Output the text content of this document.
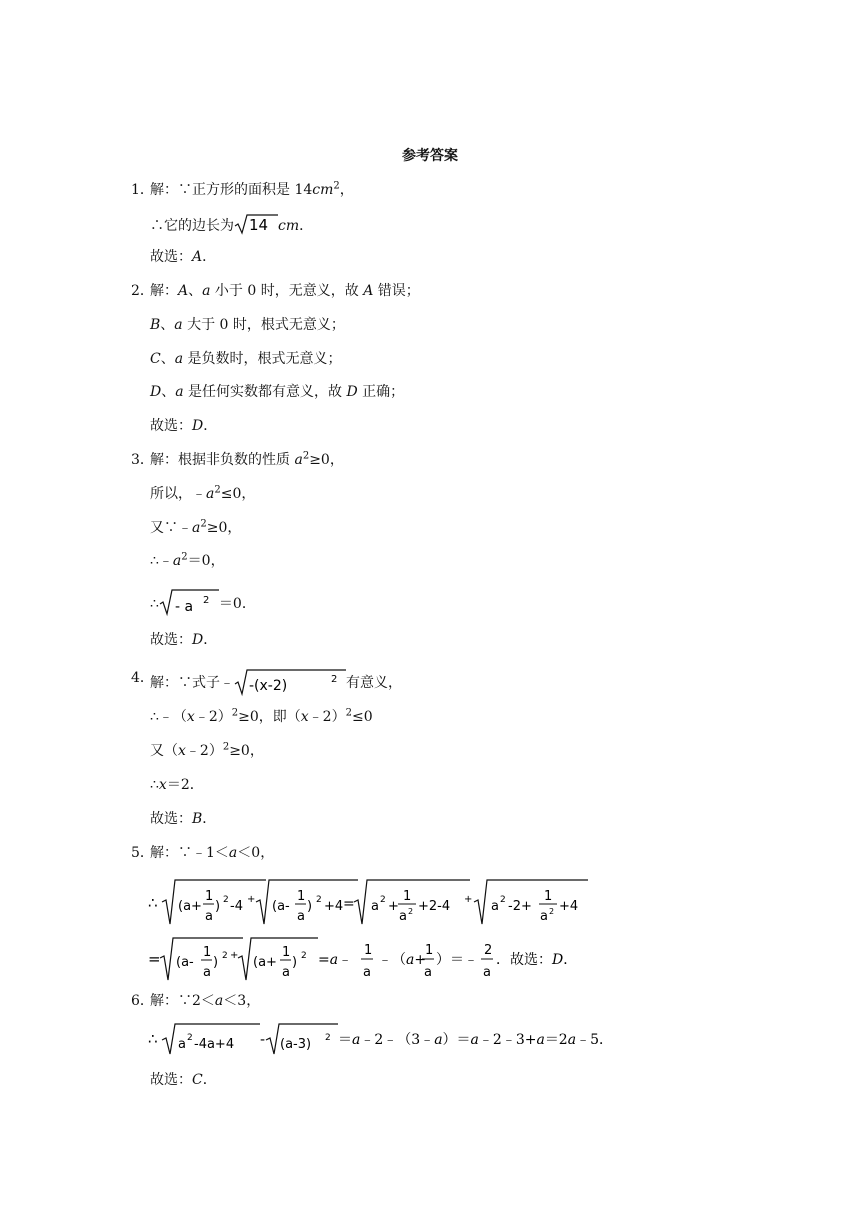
参考答案
1．
解：∵正方形的面积是 $14cm^2$，
∴它的边长为 14 cm．
故选：A．
2．
解：A、a 小于 0 时，无意义，故 A 错误；
B、a 大于 0 时，根式无意义；
C、a 是负数时，根式无意义；
D、a 是任何实数都有意义，故 D 正确；
故选：D．
3．
解：根据非负数的性质 $a^2\ge 0$，
所以，$﹣a^2\le 0$，
又$\because﹣a^2\ge 0$，
$\therefore﹣a^2=0$，
∴ - a 2 ＝0．
故选：D．
4．
解：∵式子﹣ -(x-2)	2 有意义，
∴﹣（x﹣2）$^2$≥0，即（x﹣2）$^2$≤0
又（x﹣2）$^2$≥0，
∴x＝2．
故选：B．
5．
解：∵﹣1＜a＜0，
∴ (a+
1
a
) 2 -4 + (a-
1
a
) 2 +4 = a 2 +
1
a 2 +2-4 + a 2 -2+
1
a 2 +4
= (a-
1
a
) 2 + (a+
1
a
) 2 =a﹣
1
a
﹣（a+
1
a
）＝﹣
2
a
．故选：D．
6．
解：∵2＜a＜3，
∴ a 2 -4a+4 - (a-3) 2 ＝a﹣2﹣（3﹣a）＝a﹣2﹣3+a＝2a﹣5．
故选：C．
